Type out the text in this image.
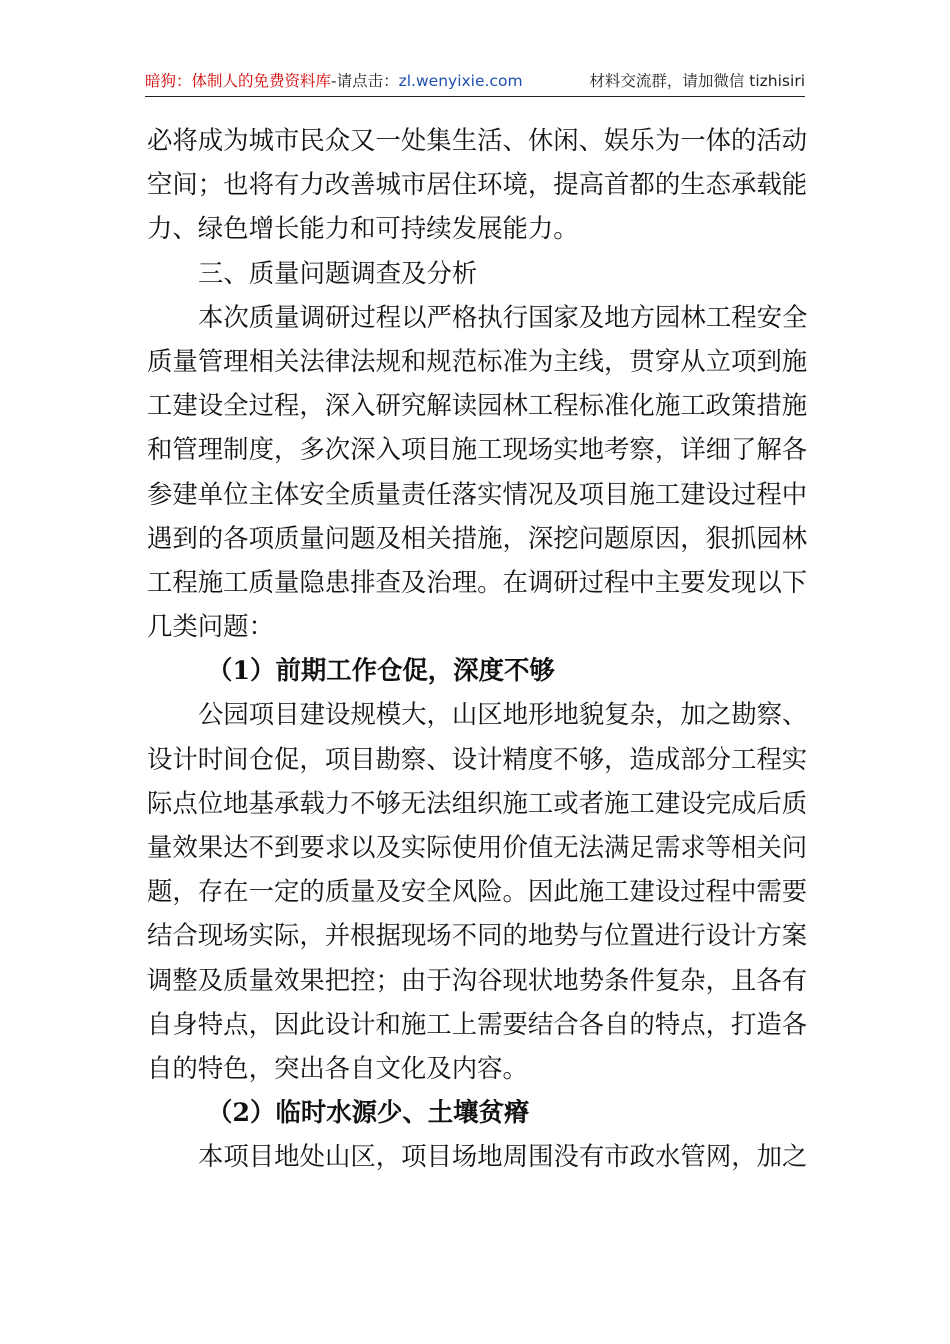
暗狗：体制人的免费资料库-请点击：zl.wenyixie.com	材料交流群，请加微信 tizhisiri
必将成为城市民众又一处集生活、休闲、娱乐为一体的活动
空间；也将有力改善城市居住环境，提高首都的生态承载能
力、绿色增长能力和可持续发展能力。
三、质量问题调查及分析
本次质量调研过程以严格执行国家及地方园林工程安全
质量管理相关法律法规和规范标准为主线，贯穿从立项到施
工建设全过程，深入研究解读园林工程标准化施工政策措施
和管理制度，多次深入项目施工现场实地考察，详细了解各
参建单位主体安全质量责任落实情况及项目施工建设过程中
遇到的各项质量问题及相关措施，深挖问题原因，狠抓园林
工程施工质量隐患排查及治理。在调研过程中主要发现以下
几类问题：
（1）前期工作仓促，深度不够
公园项目建设规模大，山区地形地貌复杂，加之勘察、
设计时间仓促，项目勘察、设计精度不够，造成部分工程实
际点位地基承载力不够无法组织施工或者施工建设完成后质
量效果达不到要求以及实际使用价值无法满足需求等相关问
题，存在一定的质量及安全风险。因此施工建设过程中需要
结合现场实际，并根据现场不同的地势与位置进行设计方案
调整及质量效果把控；由于沟谷现状地势条件复杂，且各有
自身特点，因此设计和施工上需要结合各自的特点，打造各
自的特色，突出各自文化及内容。
（2）临时水源少、土壤贫瘠
本项目地处山区，项目场地周围没有市政水管网，加之
